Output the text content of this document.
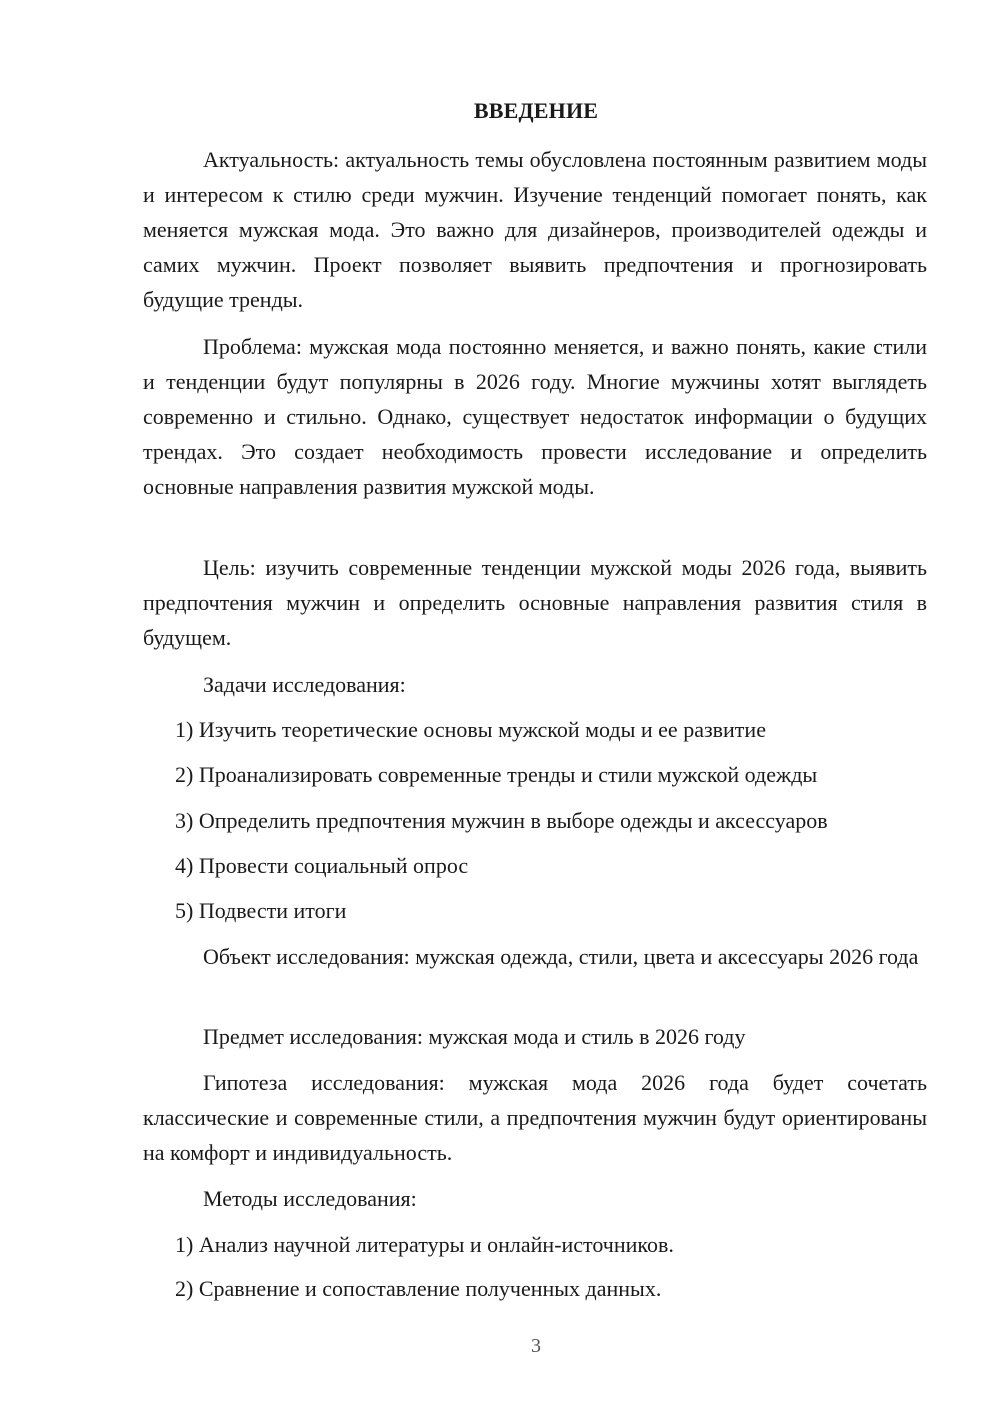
ВВЕДЕНИЕ

Актуальность: актуальность темы обусловлена постоянным развитием моды и интересом к стилю среди мужчин. Изучение тенденций помогает понять, как меняется мужская мода. Это важно для дизайнеров, производителей одежды и самих мужчин. Проект позволяет выявить предпочтения и прогнозировать будущие тренды.

Проблема: мужская мода постоянно меняется, и важно понять, какие стили и тенденции будут популярны в 2026 году. Многие мужчины хотят выглядеть современно и стильно. Однако, существует недостаток информации о будущих трендах. Это создает необходимость провести исследование и определить основные направления развития мужской моды.

Цель: изучить современные тенденции мужской моды 2026 года, выявить предпочтения мужчин и определить основные направления развития стиля в будущем.

Задачи исследования:
1) Изучить теоретические основы мужской моды и ее развитие
2) Проанализировать современные тренды и стили мужской одежды
3) Определить предпочтения мужчин в выборе одежды и аксессуаров
4) Провести социальный опрос
5) Подвести итоги

Объект исследования: мужская одежда, стили, цвета и аксессуары 2026 года

Предмет исследования: мужская мода и стиль в 2026 году

Гипотеза исследования: мужская мода 2026 года будет сочетать классические и современные стили, а предпочтения мужчин будут ориентированы на комфорт и индивидуальность.

Методы исследования:
1) Анализ научной литературы и онлайн-источников.
2) Сравнение и сопоставление полученных данных.
3
